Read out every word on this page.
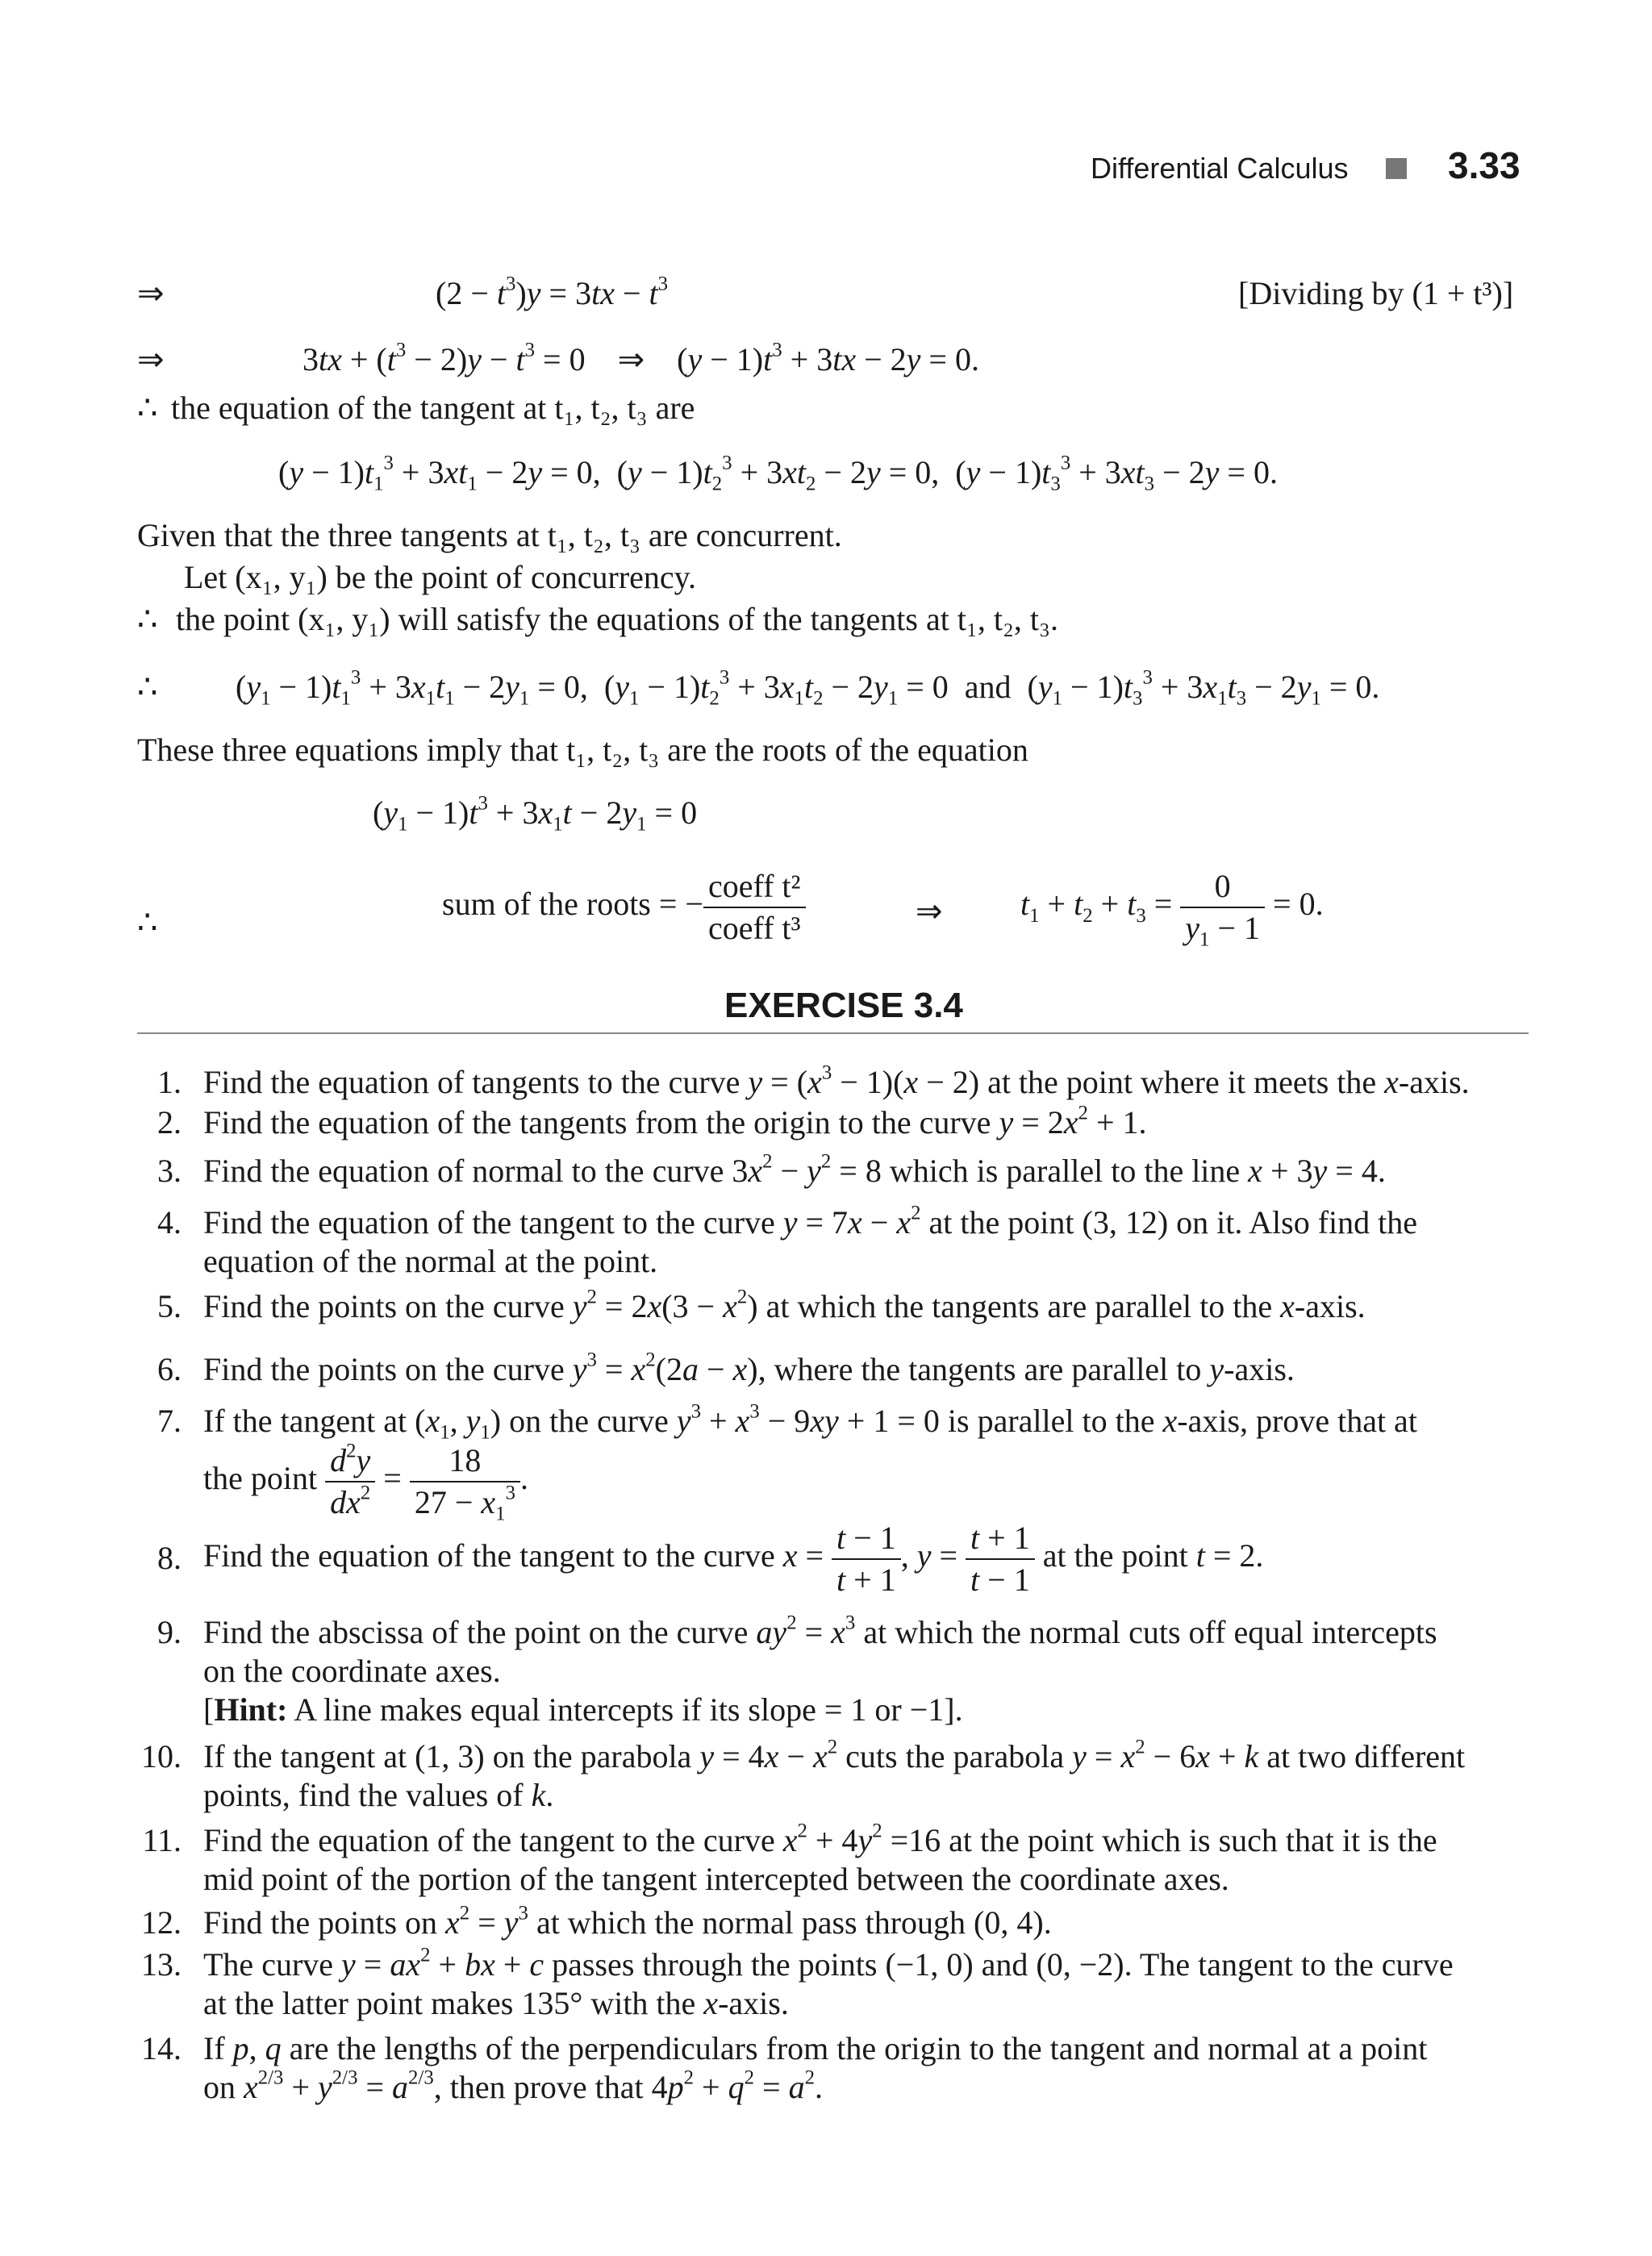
Differential Calculus	3.33
⇒	$(2 - t^3)y = 3tx - t^3$	[Dividing by (1 + t³)]
⇒	$3tx + (t^3 - 2)y - t^3 = 0$    ⇒    $(y - 1)t^3 + 3tx - 2y = 0$.
∴ the equation of the tangent at t₁, t₂, t₃ are
$(y - 1)t_1^3 + 3xt_1 - 2y = 0$,  $(y - 1)t_2^3 + 3xt_2 - 2y = 0$,  $(y - 1)t_3^3 + 3xt_3 - 2y = 0$.
Given that the three tangents at t₁, t₂, t₃ are concurrent.
Let (x₁, y₁) be the point of concurrency.
∴ the point (x₁, y₁) will satisfy the equations of the tangents at t₁, t₂, t₃.
∴ $(y_1 - 1)t_1^3 + 3x_1t_1 - 2y_1 = 0$,  $(y_1 - 1)t_2^3 + 3x_1t_2 - 2y_1 = 0$  and  $(y_1 - 1)t_3^3 + 3x_1t_3 - 2y_1 = 0$.
These three equations imply that t₁, t₂, t₃ are the roots of the equation
$(y_1 - 1)t^3 + 3x_1t - 2y_1 = 0$
∴
sum of the roots = − $\frac{\text{coeff t²}}{\text{coeff t³}}$	⇒ $t_1 + t_2 + t_3 = \frac{0}{y_1 - 1} = 0$.
EXERCISE 3.4
1. Find the equation of tangents to the curve $y = (x^3 - 1)(x - 2)$ at the point where it meets the x-axis.
2. Find the equation of the tangents from the origin to the curve $y = 2x^2 + 1$.
3. Find the equation of normal to the curve $3x^2 - y^2 = 8$ which is parallel to the line x + 3y = 4.
4. Find the equation of the tangent to the curve $y = 7x - x^2$ at the point (3, 12) on it. Also find the
equation of the normal at the point.
5. Find the points on the curve $y^2 = 2x(3 - x^2)$ at which the tangents are parallel to the x-axis.
6. Find the points on the curve $y^3 = x^2(2a - x)$, where the tangents are parallel to y-axis.
7. If the tangent at ($x_1$, $y_1$) on the curve $y^3 + x^3 - 9xy + 1 = 0$ is parallel to the x-axis, prove that at
the point $\frac{d^2y}{dx^2} = \frac{18}{27 - x_1^3}$ .
8. Find the equation of the tangent to the curve $x = \frac{t - 1}{t + 1}$ , $y = \frac{t + 1}{t - 1}$ at the point t = 2.
9. Find the abscissa of the point on the curve $ay^2 = x^3$ at which the normal cuts off equal intercepts
on the coordinate axes.
[Hint: A line makes equal intercepts if its slope = 1 or −1].
10. If the tangent at (1, 3) on the parabola $y = 4x - x^2$ cuts the parabola $y = x^2 - 6x + k$ at two different
points, find the values of k.
11. Find the equation of the tangent to the curve $x^2 + 4y^2 =16$ at the point which is such that it is the
mid point of the portion of the tangent intercepted between the coordinate axes.
12. Find the points on $x^2 = y^3$ at which the normal pass through (0, 4).
13. The curve $y = ax^2$ + bx + c passes through the points (−1, 0) and (0, −2). The tangent to the curve
at the latter point makes 135° with the x-axis.
14. If p, q are the lengths of the perpendiculars from the origin to the tangent and normal at a point
on $x^{2/3} + y^{2/3} = a^{2/3}$, then prove that $4p^2 + q^2 = a^2$.
